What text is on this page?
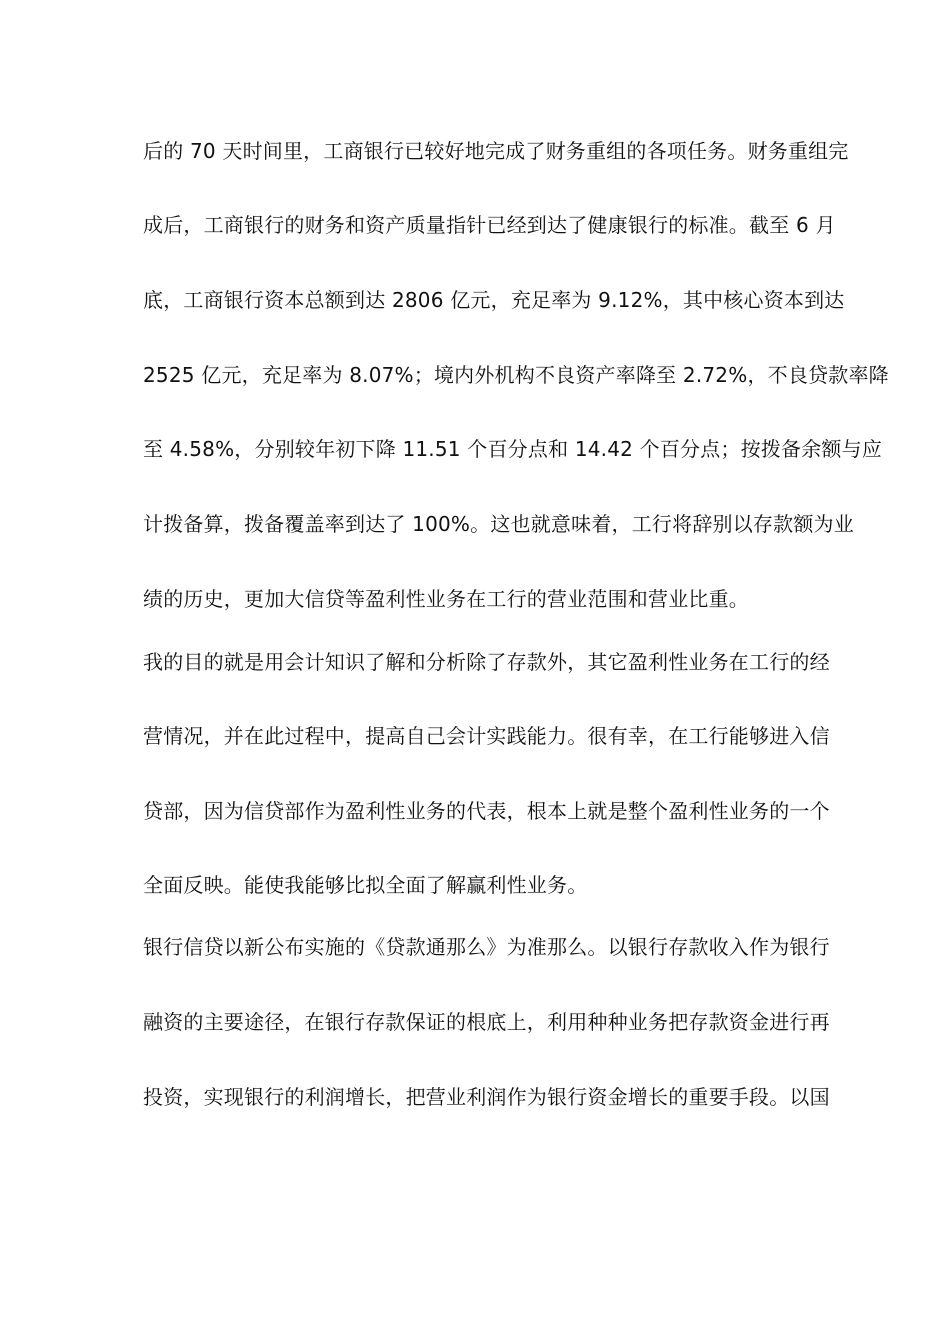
后的 70 天时间里，工商银行已较好地完成了财务重组的各项任务。财务重组完
成后，工商银行的财务和资产质量指针已经到达了健康银行的标准。截至 6 月
底，工商银行资本总额到达 2806 亿元，充足率为 9.12%，其中核心资本到达
2525 亿元，充足率为 8.07%；境内外机构不良资产率降至 2.72%，不良贷款率降
至 4.58%，分别较年初下降 11.51 个百分点和 14.42 个百分点；按拨备余额与应
计拨备算，拨备覆盖率到达了 100%。这也就意味着，工行将辞别以存款额为业
绩的历史，更加大信贷等盈利性业务在工行的营业范围和营业比重。
我的目的就是用会计知识了解和分析除了存款外，其它盈利性业务在工行的经
营情况，并在此过程中，提高自己会计实践能力。很有幸，在工行能够进入信
贷部，因为信贷部作为盈利性业务的代表，根本上就是整个盈利性业务的一个
全面反映。能使我能够比拟全面了解赢利性业务。
银行信贷以新公布实施的《贷款通那么》为准那么。以银行存款收入作为银行
融资的主要途径，在银行存款保证的根底上，利用种种业务把存款资金进行再
投资，实现银行的利润增长，把营业利润作为银行资金增长的重要手段。以国
